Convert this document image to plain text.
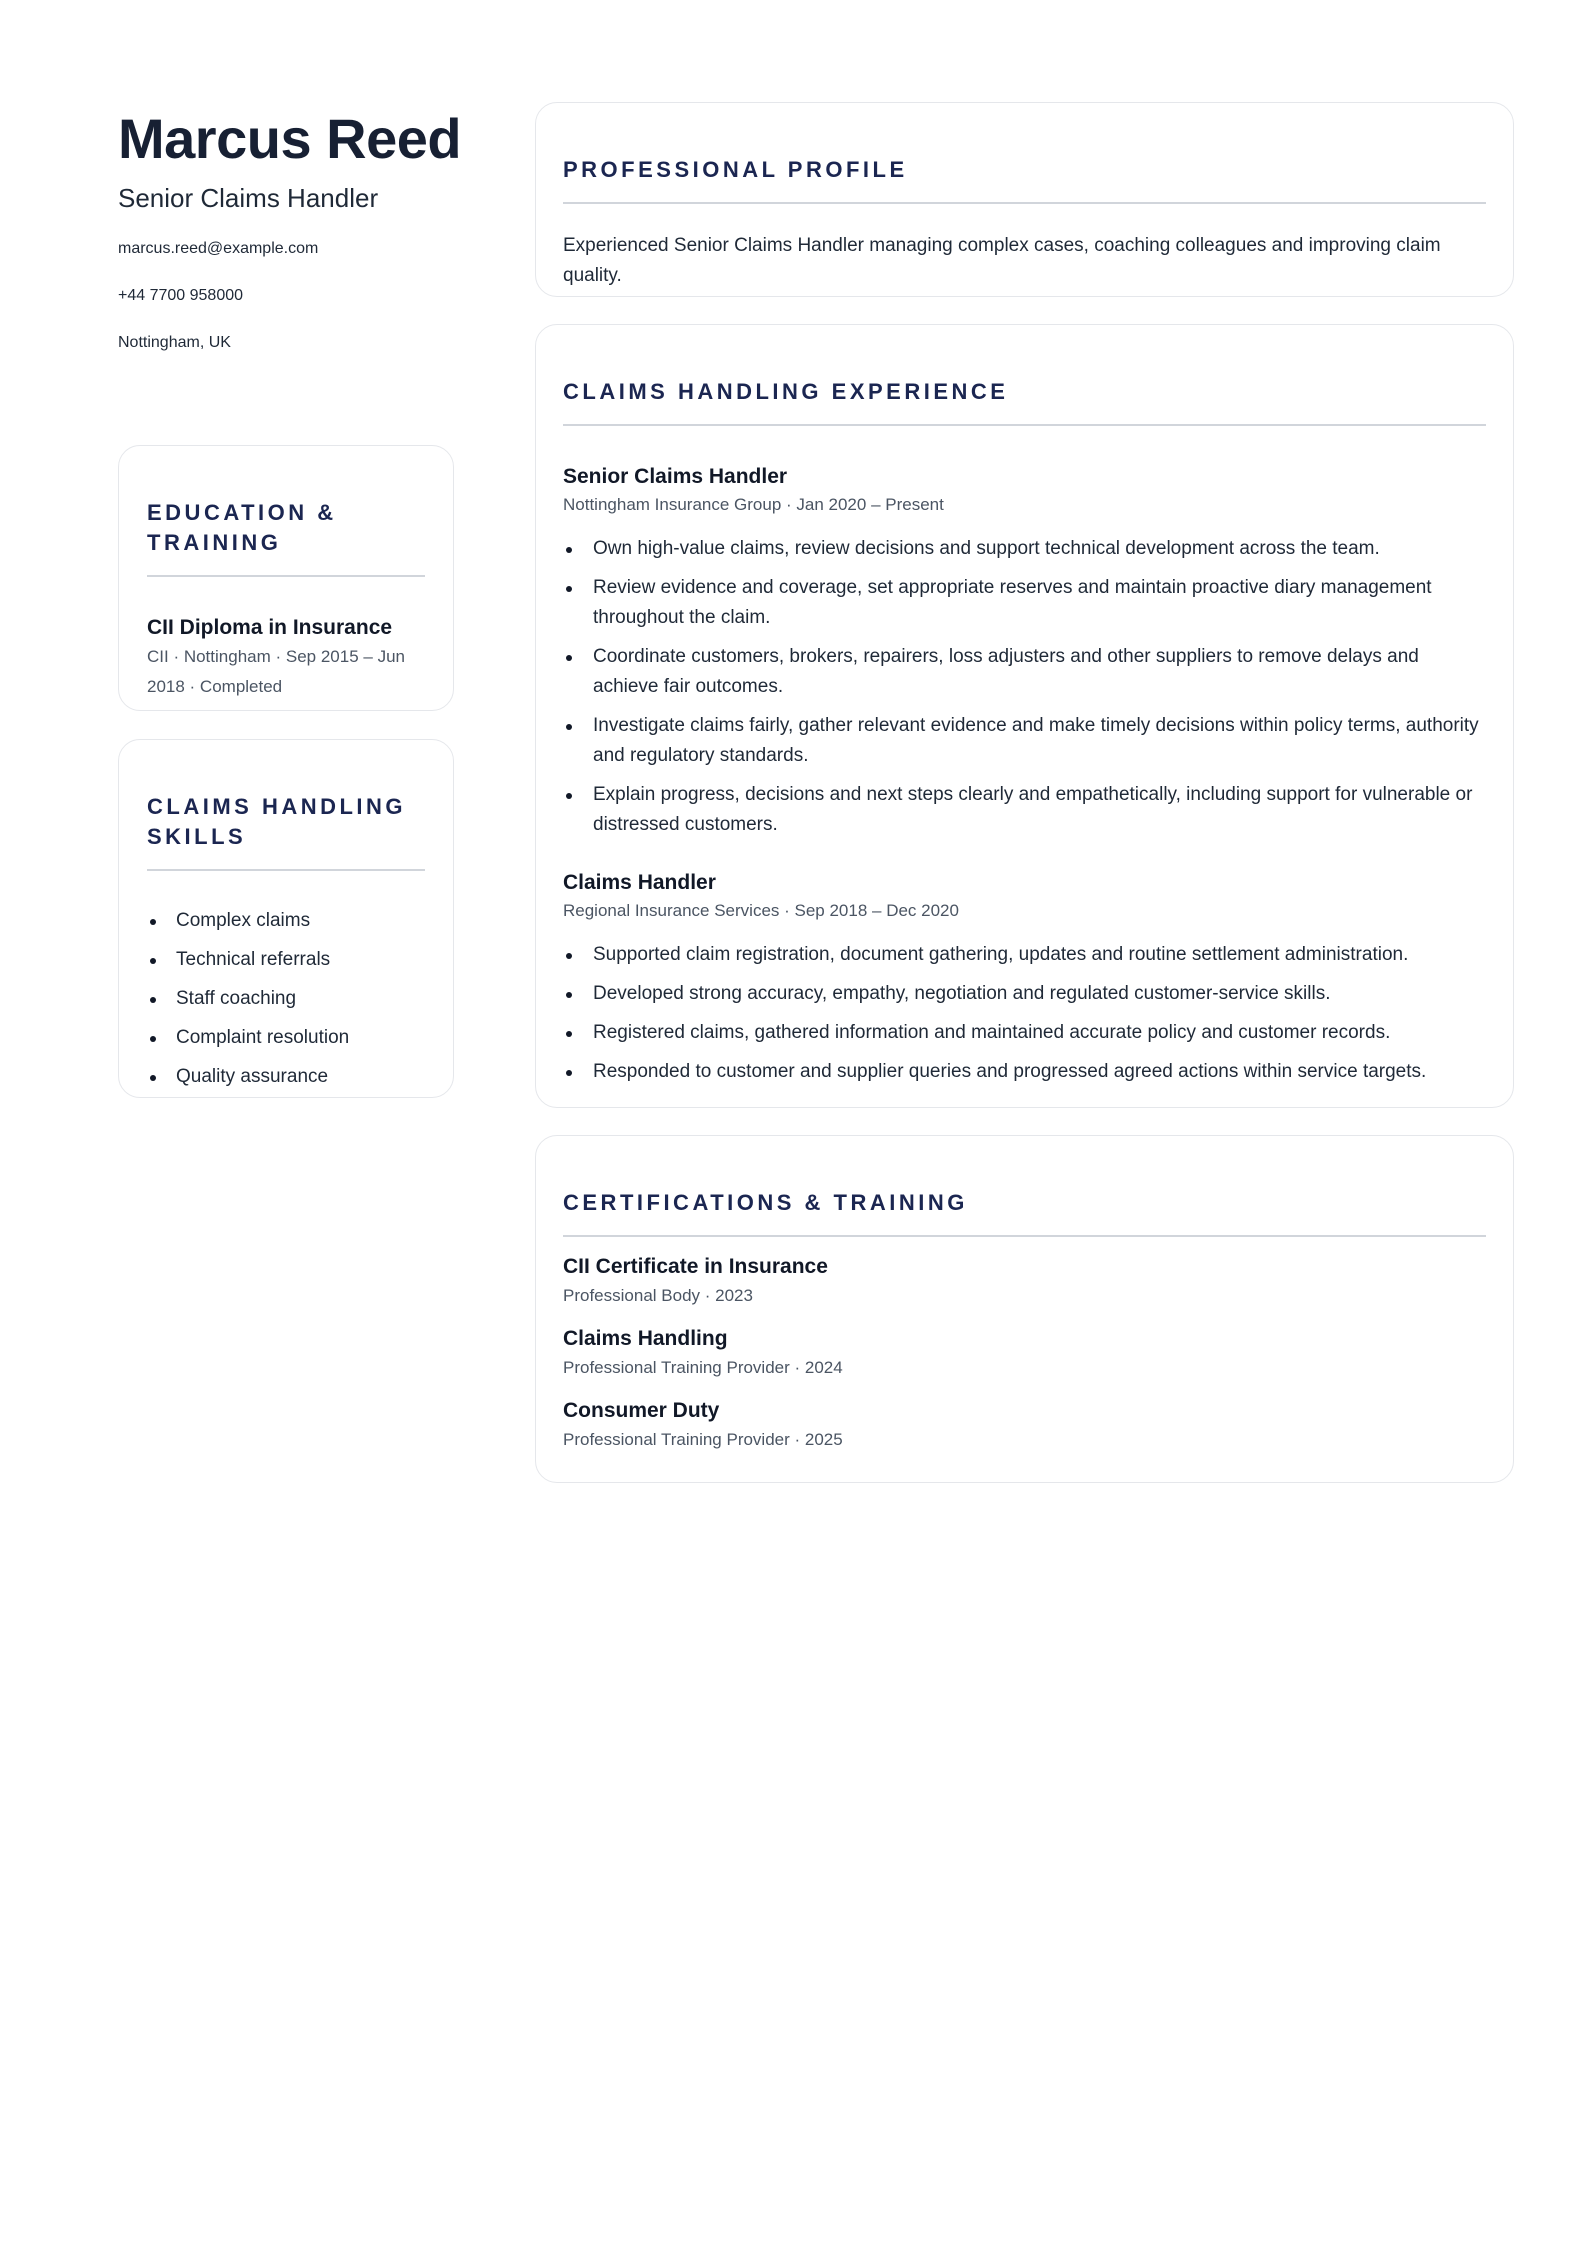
Marcus Reed
Senior Claims Handler
marcus.reed@example.com
+44 7700 958000
Nottingham, UK
EDUCATION & TRAINING
CII Diploma in Insurance
CII · Nottingham · Sep 2015 – Jun 2018 · Completed
CLAIMS HANDLING SKILLS
Complex claims
Technical referrals
Staff coaching
Complaint resolution
Quality assurance
PROFESSIONAL PROFILE

Experienced Senior Claims Handler managing complex cases, coaching colleagues and improving claim quality.

CLAIMS HANDLING EXPERIENCE
Senior Claims Handler
Nottingham Insurance Group · Jan 2020 – Present
Own high-value claims, review decisions and support technical development across the team.
Review evidence and coverage, set appropriate reserves and maintain proactive diary management throughout the claim.
Coordinate customers, brokers, repairers, loss adjusters and other suppliers to remove delays and achieve fair outcomes.
Investigate claims fairly, gather relevant evidence and make timely decisions within policy terms, authority and regulatory standards.
Explain progress, decisions and next steps clearly and empathetically, including support for vulnerable or distressed customers.
Claims Handler
Regional Insurance Services · Sep 2018 – Dec 2020
Supported claim registration, document gathering, updates and routine settlement administration.
Developed strong accuracy, empathy, negotiation and regulated customer-service skills.
Registered claims, gathered information and maintained accurate policy and customer records.
Responded to customer and supplier queries and progressed agreed actions within service targets.
CERTIFICATIONS & TRAINING
CII Certificate in Insurance
Professional Body · 2023
Claims Handling
Professional Training Provider · 2024
Consumer Duty
Professional Training Provider · 2025
